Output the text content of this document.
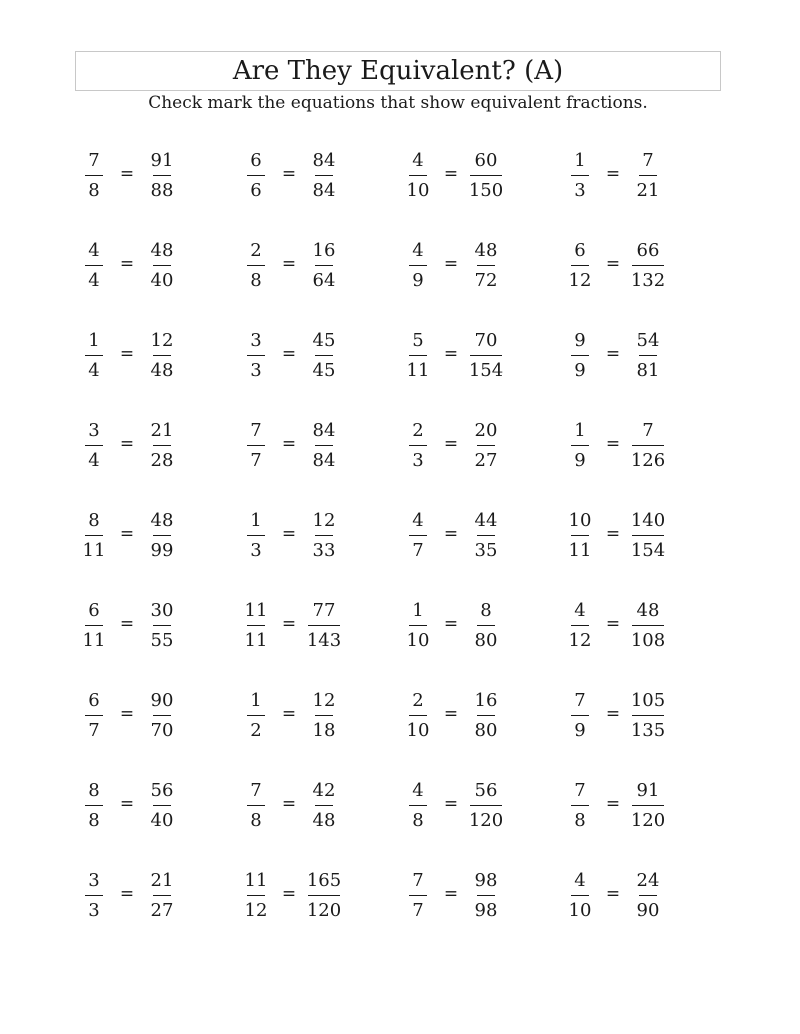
Are They Equivalent? (A)
Check mark the equations that show equivalent fractions.
7
8
=
91
88
6
6
=
84
84
4
10
=
60
150
1
3
=
7
21
4
4
=
48
40
2
8
=
16
64
4
9
=
48
72
6
12
=
66
132
1
4
=
12
48
3
3
=
45
45
5
11
=
70
154
9
9
=
54
81
3
4
=
21
28
7
7
=
84
84
2
3
=
20
27
1
9
=
7
126
8
11
=
48
99
1
3
=
12
33
4
7
=
44
35
10
11
=
140
154
6
11
=
30
55
11
11
=
77
143
1
10
=
8
80
4
12
=
48
108
6
7
=
90
70
1
2
=
12
18
2
10
=
16
80
7
9
=
105
135
8
8
=
56
40
7
8
=
42
48
4
8
=
56
120
7
8
=
91
120
3
3
=
21
27
11
12
=
165
120
7
7
=
98
98
4
10
=
24
90
